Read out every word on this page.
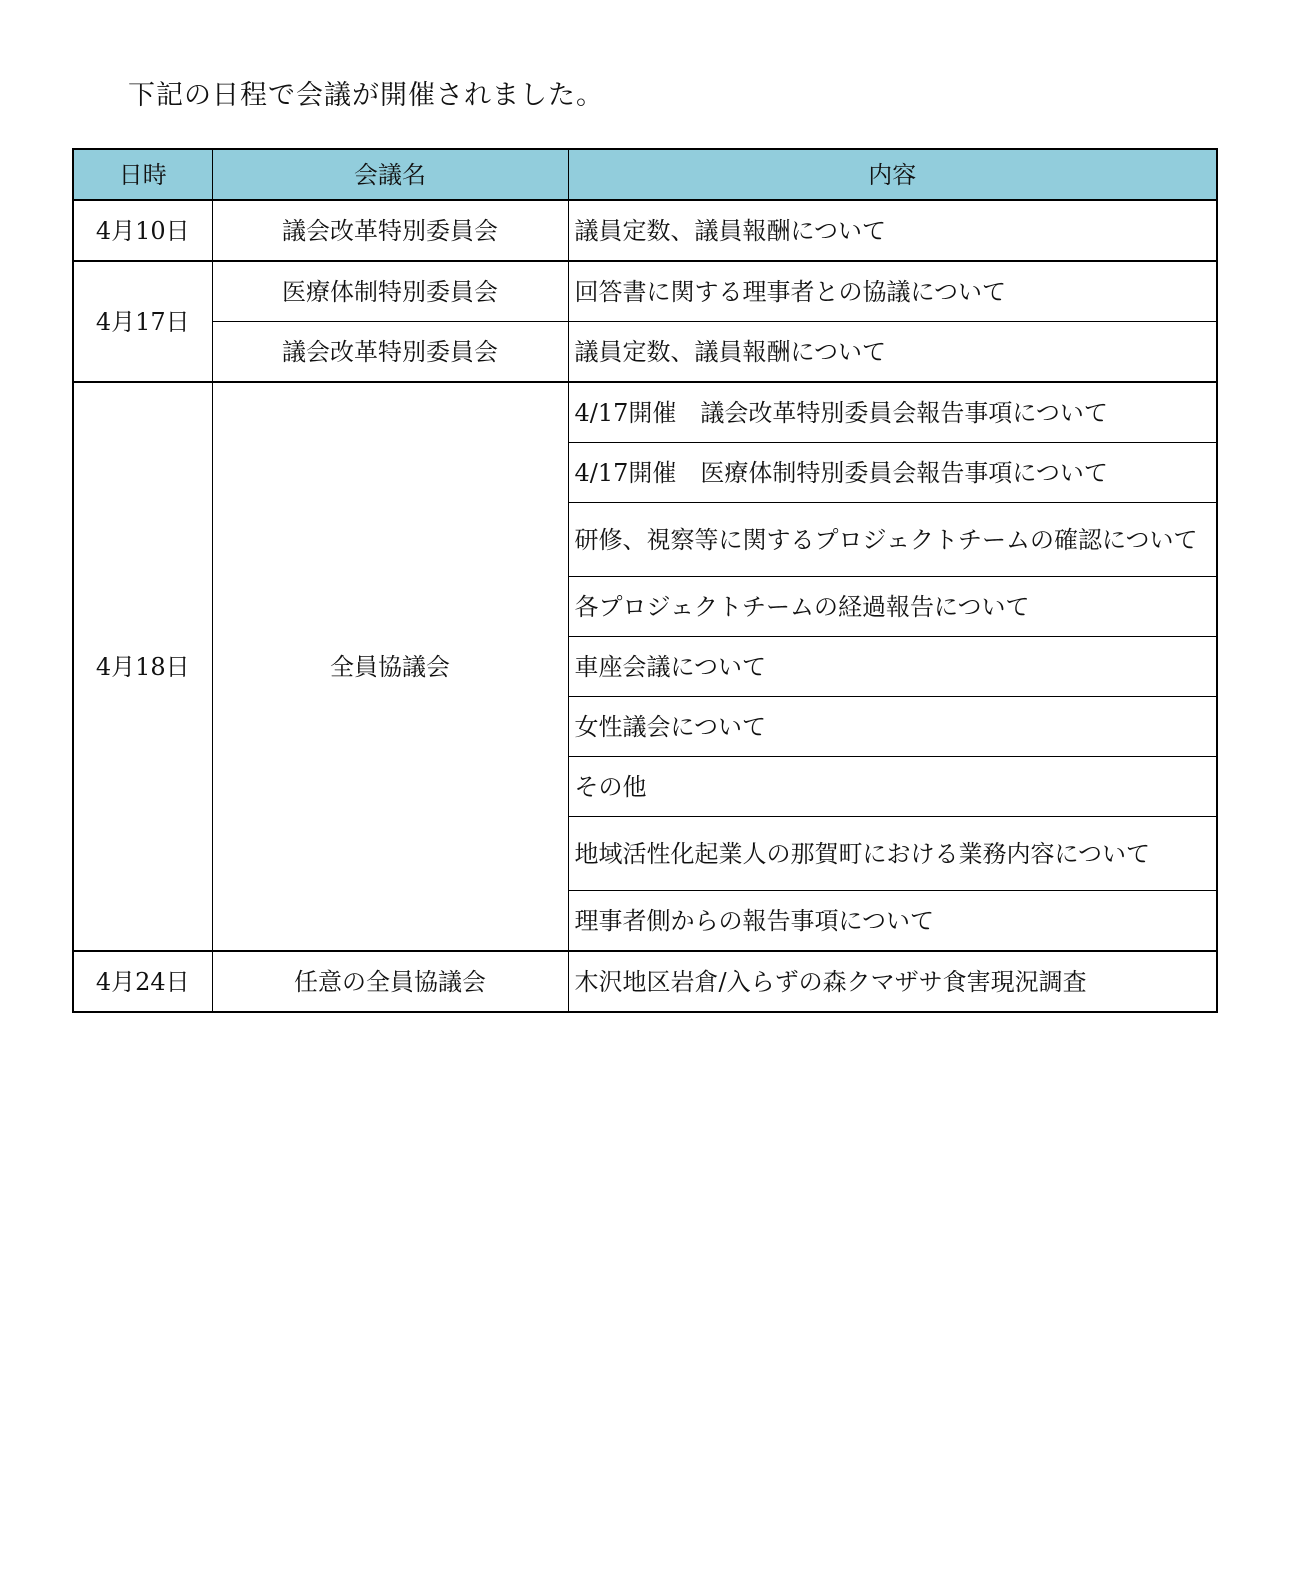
下記の日程で会議が開催されました。
日時	会議名	内容
4月10日	議会改革特別委員会	議員定数、議員報酬について
4月17日	医療体制特別委員会	回答書に関する理事者との協議について
	議会改革特別委員会	議員定数、議員報酬について
4月18日	全員協議会	4/17開催　議会改革特別委員会報告事項について
		4/17開催　医療体制特別委員会報告事項について
		研修、視察等に関するプロジェクトチームの確認について
		各プロジェクトチームの経過報告について
		車座会議について
		女性議会について
		その他
		地域活性化起業人の那賀町における業務内容について
		理事者側からの報告事項について
4月24日	任意の全員協議会	木沢地区岩倉/入らずの森クマザサ食害現況調査
